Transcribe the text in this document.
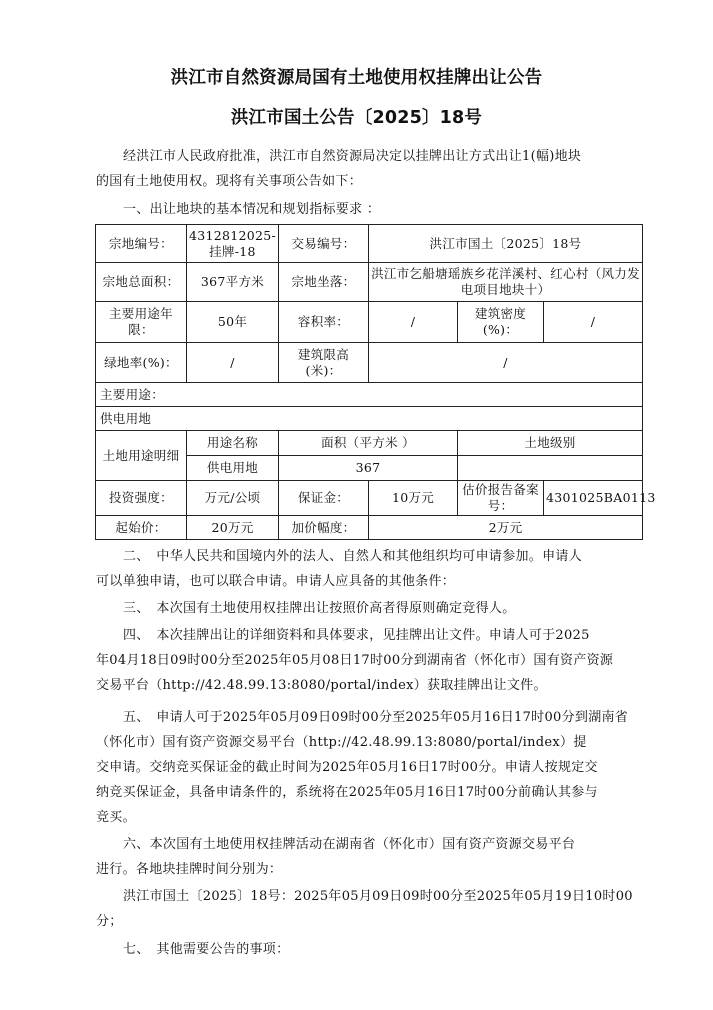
洪江市自然资源局国有土地使用权挂牌出让公告
洪江市国土公告〔2025〕18号
经洪江市人民政府批准，洪江市自然资源局决定以挂牌出让方式出让1(幅)地块
的国有土地使用权。现将有关事项公告如下：
一、出让地块的基本情况和规划指标要求 ：
宗地编号：	4312812025-挂牌-18	交易编号：	洪江市国土〔2025〕18号		
宗地总面积：	367平方米	宗地坐落：	洪江市乞船塘瑶族乡花洋溪村、红心村（风力发电项目地块十）		
主要用途年限：	50年	容积率：	/	建筑密度(%)：	/
绿地率(%)：	/	建筑限高(米)：	/		
主要用途：					
供电用地					
土地用途明细	用途名称	面积（平方米 ）		土地级别	
	供电用地	367			
投资强度：	万元/公顷	保证金：	10万元	估价报告备案号：	4301025BA0113
起始价：	20万元	加价幅度：	2万元		
二、　中华人民共和国境内外的法人、自然人和其他组织均可申请参加。申请人
可以单独申请，也可以联合申请。申请人应具备的其他条件：
三、　本次国有土地使用权挂牌出让按照价高者得原则确定竞得人。
四、　本次挂牌出让的详细资料和具体要求，见挂牌出让文件。申请人可于2025
年04月18日09时00分至2025年05月08日17时00分到湖南省（怀化市）国有资产资源
交易平台（http://42.48.99.13:8080/portal/index）获取挂牌出让文件。
五、　申请人可于2025年05月09日09时00分至2025年05月16日17时00分到湖南省
（怀化市）国有资产资源交易平台（http://42.48.99.13:8080/portal/index）提
交申请。交纳竞买保证金的截止时间为2025年05月16日17时00分。申请人按规定交
纳竞买保证金，具备申请条件的，系统将在2025年05月16日17时00分前确认其参与
竞买。
六、本次国有土地使用权挂牌活动在湖南省（怀化市）国有资产资源交易平台
进行。各地块挂牌时间分别为：
洪江市国土〔2025〕18号：2025年05月09日09时00分至2025年05月19日10时00
分；
七、　其他需要公告的事项：
